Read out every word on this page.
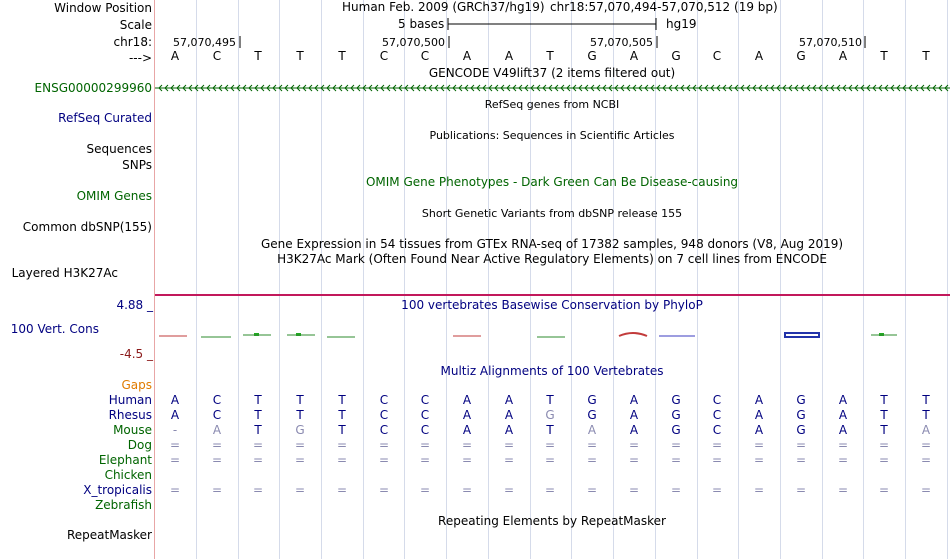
Window Position	Human Feb. 2009 (GRCh37/hg19) chr18:57,070,494-57,070,512 (19 bp)
Scale	5 bases	hg19
chr18: 57,070,495	57,070,500	57,070,505	57,070,510
---> A	C	T	T	T	C	C	A	A	T	G	A	G	C	A	G	A	T	T
GENCODE V49lift37 (2 items filtered out)
ENSG00000299960
RefSeq genes from NCBI
RefSeq Curated
Publications: Sequences in Scientific Articles
Sequences
SNPs
OMIM Gene Phenotypes - Dark Green Can Be Disease-causing
OMIM Genes
Short Genetic Variants from dbSNP release 155
Common dbSNP(155)
Gene Expression in 54 tissues from GTEx RNA-seq of 17382 samples, 948 donors (V8, Aug 2019)
H3K27Ac Mark (Often Found Near Active Regulatory Elements) on 7 cell lines from ENCODE
Layered H3K27Ac
100 vertebrates Basewise Conservation by PhyloP
4.88 _
100 Vert. Cons
-4.5 _
Multiz Alignments of 100 Vertebrates
Gaps
Human A	C	T	T	T	C	C	A	A	T	G	A	G	C	A	G	A	T	T
Rhesus A	C	T	T	T	C	C	A	A	G	G	A	G	C	A	G	A	T	T
Mouse -	A	T	G	T	C	C	A	A	T	A	A	G	C	A	G	A	T	A
Dog =	=	=	=	=	=	=	=	=	=	=	=	=	=	=	=	=	=	=
Elephant =	=	=	=	=	=	=	=	=	=	=	=	=	=	=	=	=	=	=
Chicken
X_tropicalis =	=	=	=	=	=	=	=	=	=	=	=	=	=	=	=	=	=	=
Zebrafish
Repeating Elements by RepeatMasker
RepeatMasker
